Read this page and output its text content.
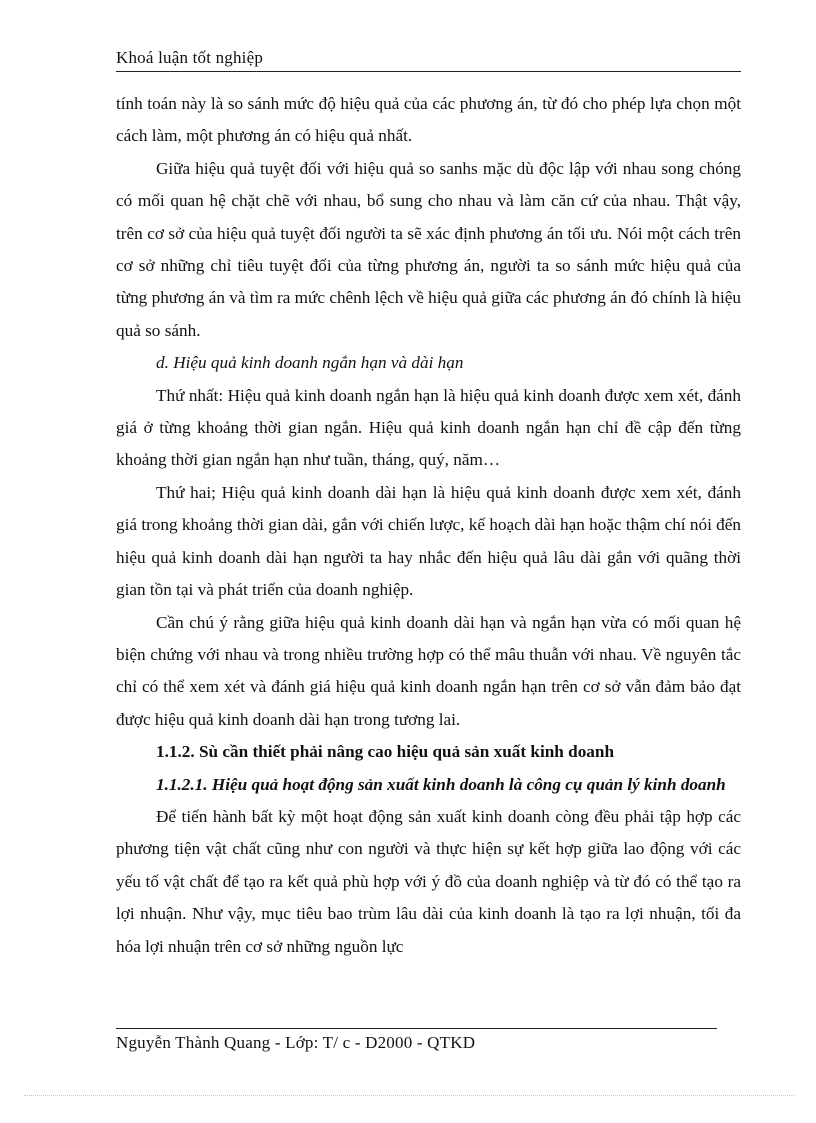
Khoá luận tốt nghiệp

tính toán này là so sánh mức độ hiệu quả của các phương án, từ đó cho phép lựa chọn một cách làm, một phương án có hiệu quả nhất.

Giữa hiệu quả tuyệt đối với hiệu quả so sanhs mặc dù độc lập với nhau song chóng có mối quan hệ chặt chẽ với nhau, bổ sung cho nhau và làm căn cứ của nhau. Thật vậy, trên cơ sở của hiệu quả tuyệt đối người ta sẽ xác định phương án tối ưu. Nói một cách trên cơ sở những chỉ tiêu tuyệt đối của từng phương án, người ta so sánh mức hiệu quả của từng phương án và tìm ra mức chênh lệch về hiệu quả giữa các phương án đó chính là hiệu quả so sánh.

d. Hiệu quả kinh doanh ngắn hạn và dài hạn

Thứ nhất: Hiệu quả kinh doanh ngắn hạn là hiệu quả kinh doanh được xem xét, đánh giá ở từng khoảng thời gian ngắn. Hiệu quả kinh doanh ngắn hạn chỉ đề cập đến từng khoảng thời gian ngắn hạn như tuần, tháng, quý, năm…

Thứ hai; Hiệu quả kinh doanh dài hạn là hiệu quả kinh doanh được xem xét, đánh giá trong khoảng thời gian dài, gắn với chiến lược, kế hoạch dài hạn hoặc thậm chí nói đến hiệu quả kinh doanh dài hạn người ta hay nhắc đến hiệu quả lâu dài gắn với quãng thời gian tồn tại và phát triển của doanh nghiệp.

Cần chú ý rằng giữa hiệu quả kinh doanh dài hạn và ngắn hạn vừa có mối quan hệ biện chứng với nhau và trong nhiều trường hợp có thể mâu thuẫn với nhau. Về nguyên tắc chỉ có thể xem xét và đánh giá hiệu quả kinh doanh ngắn hạn trên cơ sở vẫn đảm bảo đạt được hiệu quả kinh doanh dài hạn trong tương lai.

1.1.2. Sù cần thiết phải nâng cao hiệu quả sản xuất kinh doanh

1.1.2.1. Hiệu quả hoạt động sản xuất kinh doanh là công cụ quản lý kinh doanh

Để tiến hành bất kỳ một hoạt động sản xuất kinh doanh còng đều phải tập hợp các phương tiện vật chất cũng như con người và thực hiện sự kết hợp giữa lao động với các yếu tố vật chất để tạo ra kết quả phù hợp với ý đồ của doanh nghiệp và từ đó có thể tạo ra lợi nhuận. Như vậy, mục tiêu bao trùm lâu dài của kinh doanh là tạo ra lợi nhuận, tối đa hóa lợi nhuận trên cơ sở những nguồn lực

Nguyễn Thành Quang - Lớp: T/ c - D2000 - QTKD
